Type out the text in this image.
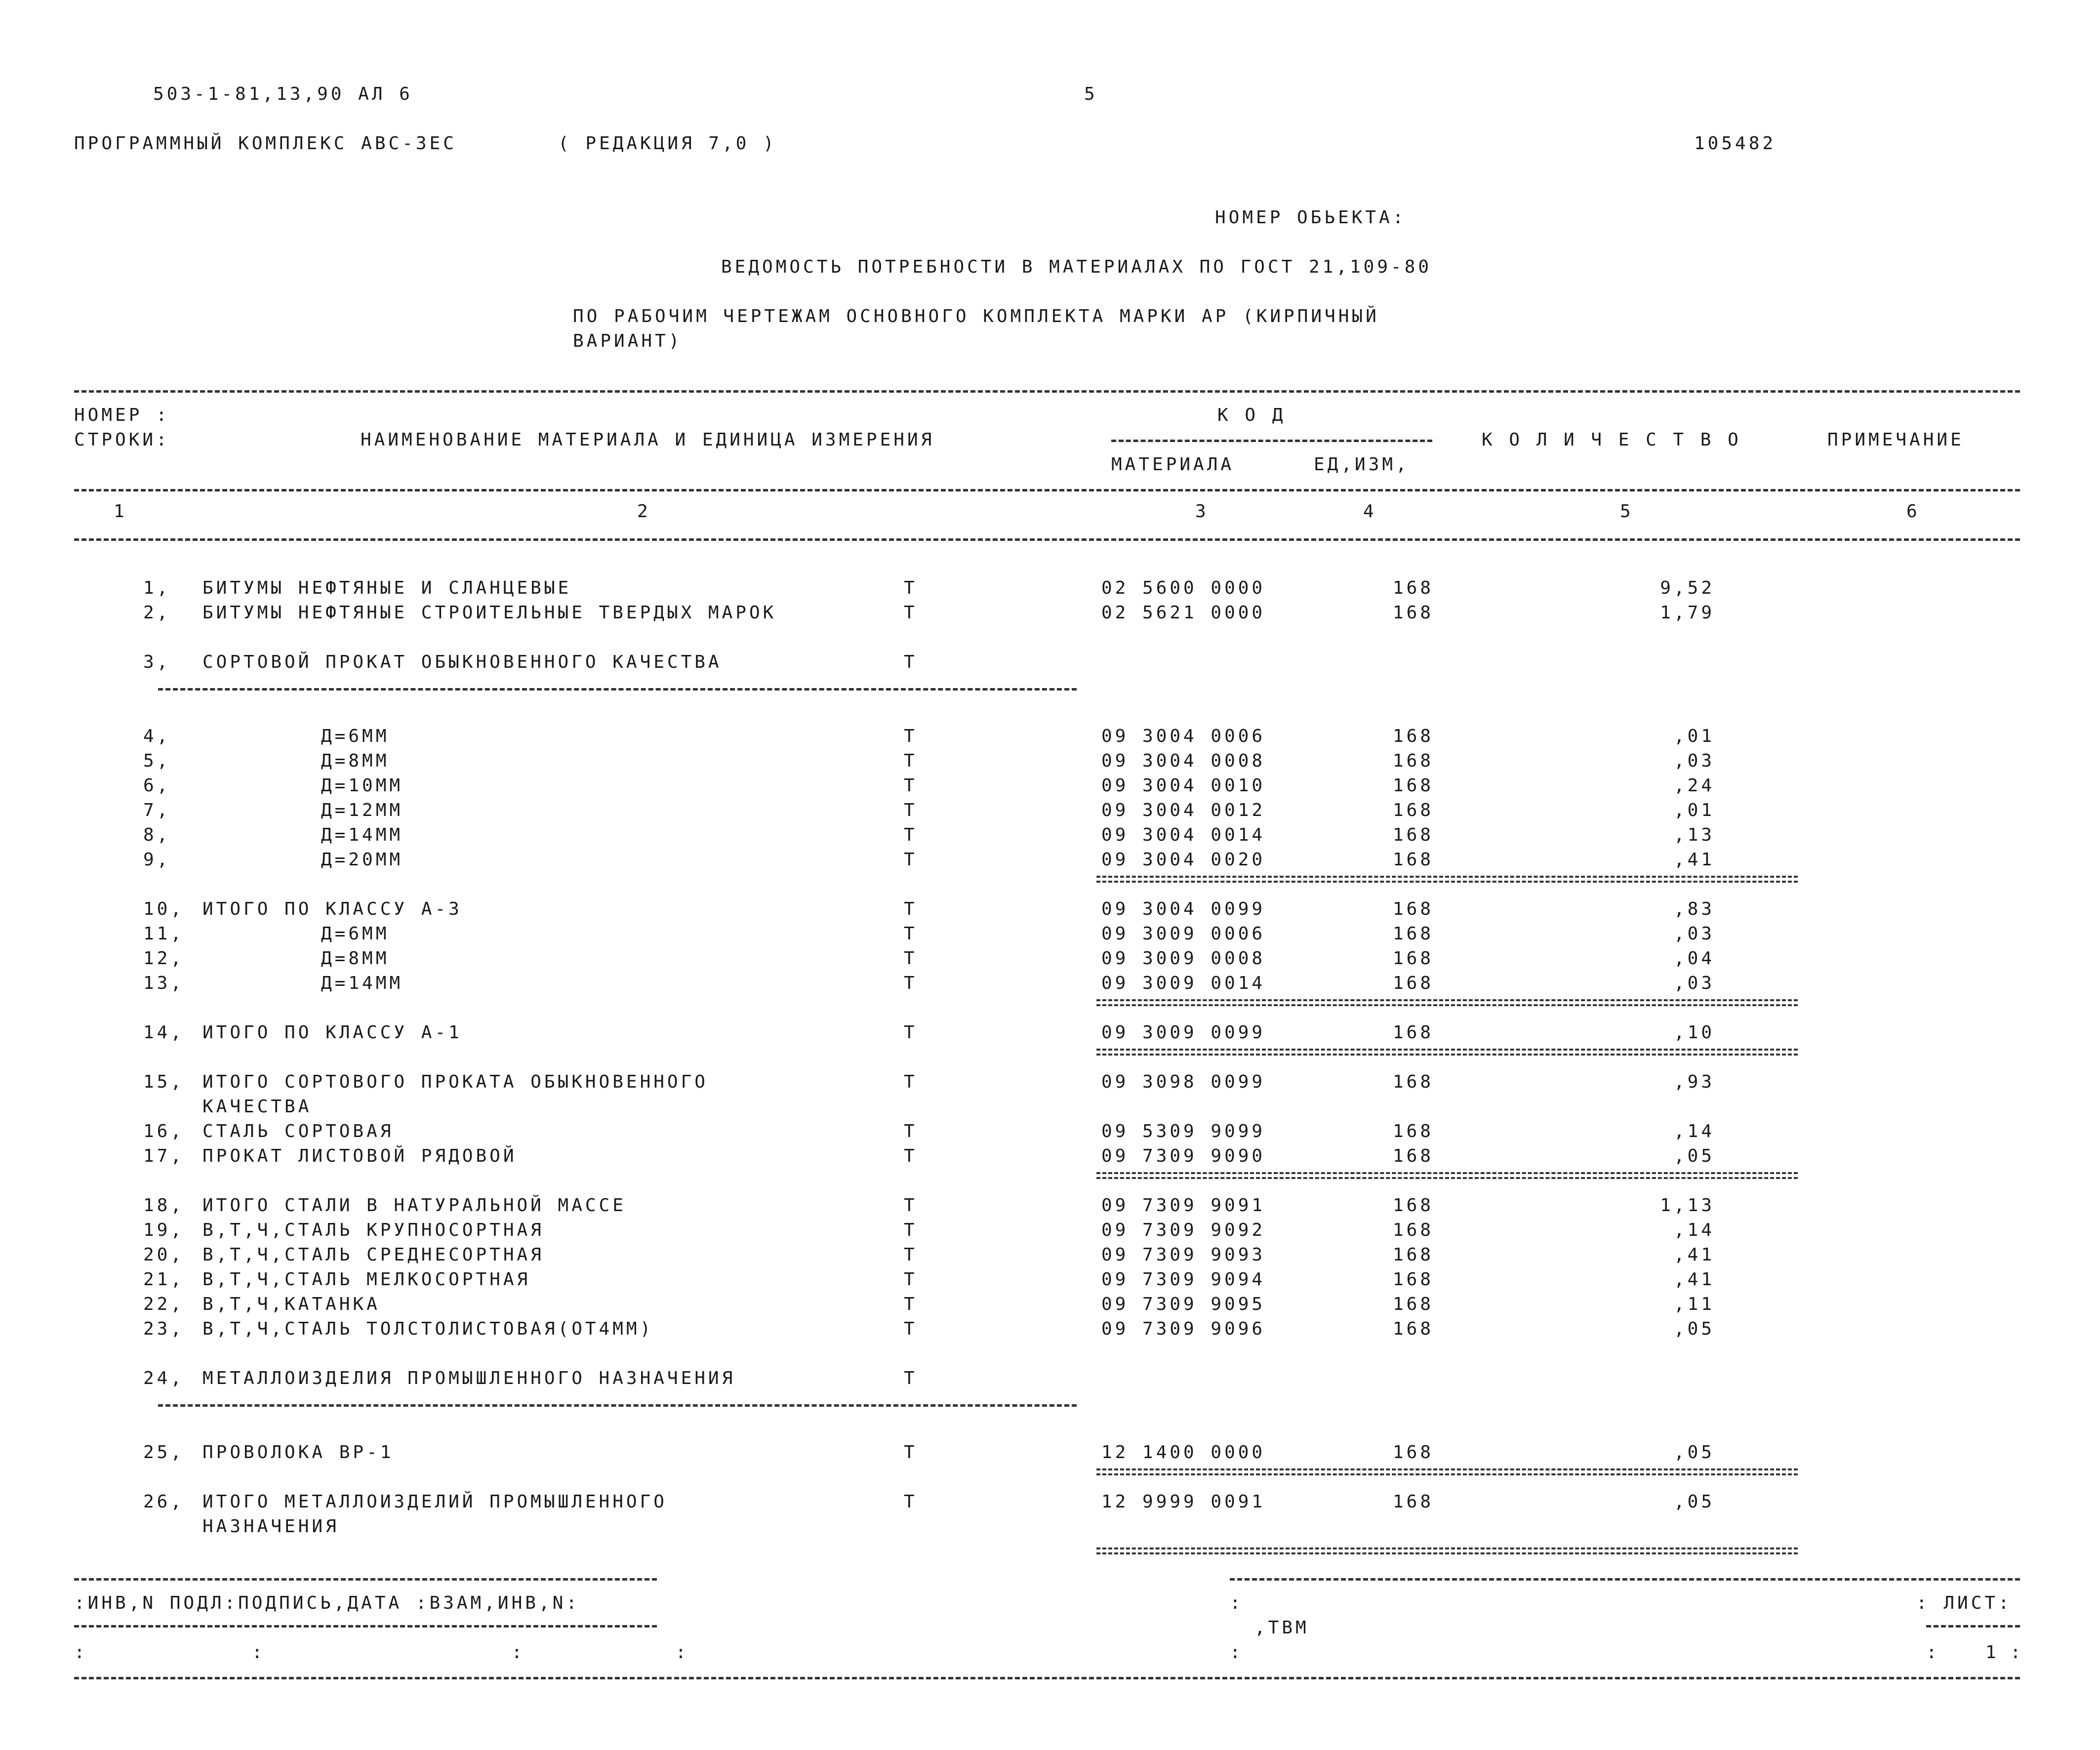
503-1-81,13,90 АЛ 6	5
ПРОГРАММНЫЙ КОМПЛЕКС АВС-3ЕС	( РЕДАКЦИЯ 7,0 )	105482
НОМЕР ОБЬЕКТА:
ВЕДОМОСТЬ ПОТРЕБНОСТИ В МАТЕРИАЛАХ ПО ГОСТ 21,109-80
ПО РАБОЧИМ ЧЕРТЕЖАМ ОСНОВНОГО КОМПЛЕКТА МАРКИ АР (КИРПИЧНЫЙ
ВАРИАНТ)
НОМЕР :
СТРОКИ:	НАИМЕНОВАНИЕ МАТЕРИАЛА И ЕДИНИЦА ИЗМЕРЕНИЯ
К О Д
МАТЕРИАЛА	ЕД,ИЗМ,
К О Л И Ч Е С Т В О	ПРИМЕЧАНИЕ
1	2	3	4	5	6
1, БИТУМЫ НЕФТЯНЫЕ И СЛАНЦЕВЫЕ	Т	02 5600 0000	168	9,52
2, БИТУМЫ НЕФТЯНЫЕ СТРОИТЕЛЬНЫЕ ТВЕРДЫХ МАРОК	Т	02 5621 0000	168	1,79
3, СОРТОВОЙ ПРОКАТ ОБЫКНОВЕННОГО КАЧЕСТВА	Т
4,	Д=6ММ	Т	09 3004 0006	168	,01
5,	Д=8ММ	Т	09 3004 0008	168	,03
6,	Д=10ММ	Т	09 3004 0010	168	,24
7,	Д=12ММ	Т	09 3004 0012	168	,01
8,	Д=14ММ	Т	09 3004 0014	168	,13
9,	Д=20ММ	Т	09 3004 0020	168	,41
10, ИТОГО ПО КЛАССУ А-3	Т	09 3004 0099	168	,83
11,	Д=6ММ	Т	09 3009 0006	168	,03
12,	Д=8ММ	Т	09 3009 0008	168	,04
13,	Д=14ММ	Т	09 3009 0014	168	,03
14, ИТОГО ПО КЛАССУ А-1	Т	09 3009 0099	168	,10
15, ИТОГО СОРТОВОГО ПРОКАТА ОБЫКНОВЕННОГО	Т	09 3098 0099	168	,93
КАЧЕСТВА
16, СТАЛЬ СОРТОВАЯ	Т	09 5309 9099	168	,14
17, ПРОКАТ ЛИСТОВОЙ РЯДОВОЙ	Т	09 7309 9090	168	,05
18, ИТОГО СТАЛИ В НАТУРАЛЬНОЙ МАССЕ	Т	09 7309 9091	168	1,13
19, В,Т,Ч,СТАЛЬ КРУПНОСОРТНАЯ	Т	09 7309 9092	168	,14
20, В,Т,Ч,СТАЛЬ СРЕДНЕСОРТНАЯ	Т	09 7309 9093	168	,41
21, В,Т,Ч,СТАЛЬ МЕЛКОСОРТНАЯ	Т	09 7309 9094	168	,41
22, В,Т,Ч,КАТАНКА	Т	09 7309 9095	168	,11
23, В,Т,Ч,СТАЛЬ ТОЛСТОЛИСТОВАЯ(ОТ4ММ)	Т	09 7309 9096	168	,05
24, МЕТАЛЛОИЗДЕЛИЯ ПРОМЫШЛЕННОГО НАЗНАЧЕНИЯ	Т
25, ПРОВОЛОКА ВР-1	Т	12 1400 0000	168	,05
26, ИТОГО МЕТАЛЛОИЗДЕЛИЙ ПРОМЫШЛЕННОГО	Т	12 9999 0091	168	,05
НАЗНАЧЕНИЯ
:ИНВ,N ПОДЛ:ПОДПИСЬ,ДАТА :ВЗАМ,ИНВ,N:	:
,ТВМ
: ЛИСТ:
:            :                  :           :	:	:	1 :
